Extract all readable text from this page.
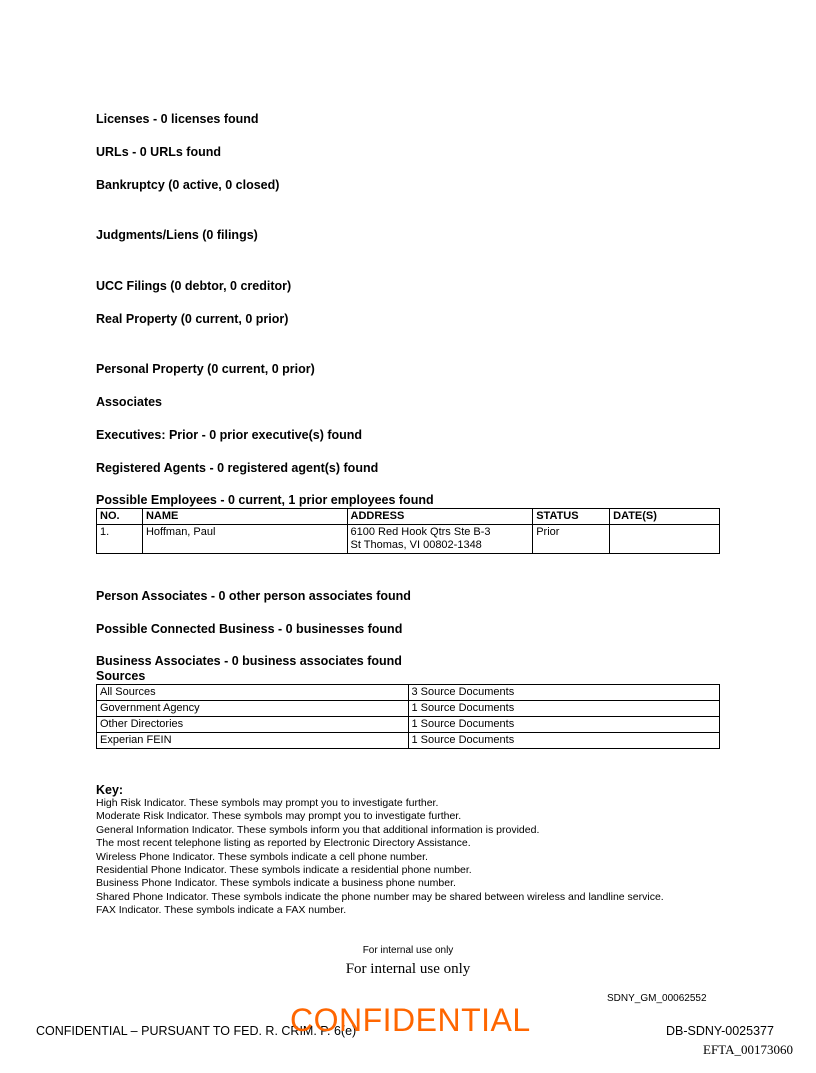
Licenses - 0 licenses found
URLs - 0 URLs found
Bankruptcy (0 active, 0 closed)
Judgments/Liens (0 filings)
UCC Filings (0 debtor, 0 creditor)
Real Property (0 current, 0 prior)
Personal Property (0 current, 0 prior)
Associates
Executives: Prior - 0 prior executive(s) found
Registered Agents - 0 registered agent(s) found
Possible Employees - 0 current, 1 prior employees found
NO.	NAME	ADDRESS	STATUS	DATE(S)
1.	Hoffman, Paul	6100 Red Hook Qtrs Ste B-3
St Thomas, VI 00802-1348	Prior	
Person Associates - 0 other person associates found
Possible Connected Business - 0 businesses found
Business Associates - 0 business associates found
Sources
All Sources	3 Source Documents
Government Agency	1 Source Documents
Other Directories	1 Source Documents
Experian FEIN	1 Source Documents
Key:
High Risk Indicator. These symbols may prompt you to investigate further.
Moderate Risk Indicator. These symbols may prompt you to investigate further.
General Information Indicator. These symbols inform you that additional information is provided.
The most recent telephone listing as reported by Electronic Directory Assistance.
Wireless Phone Indicator. These symbols indicate a cell phone number.
Residential Phone Indicator. These symbols indicate a residential phone number.
Business Phone Indicator. These symbols indicate a business phone number.
Shared Phone Indicator. These symbols indicate the phone number may be shared between wireless and landline service.
FAX Indicator. These symbols indicate a FAX number.
For internal use only
For internal use only
SDNY_GM_00062552
CONFIDENTIAL – PURSUANT TO FED. R. CRIM. P. 6(e)
CONFIDENTIAL	DB-SDNY-0025377
EFTA_00173060
